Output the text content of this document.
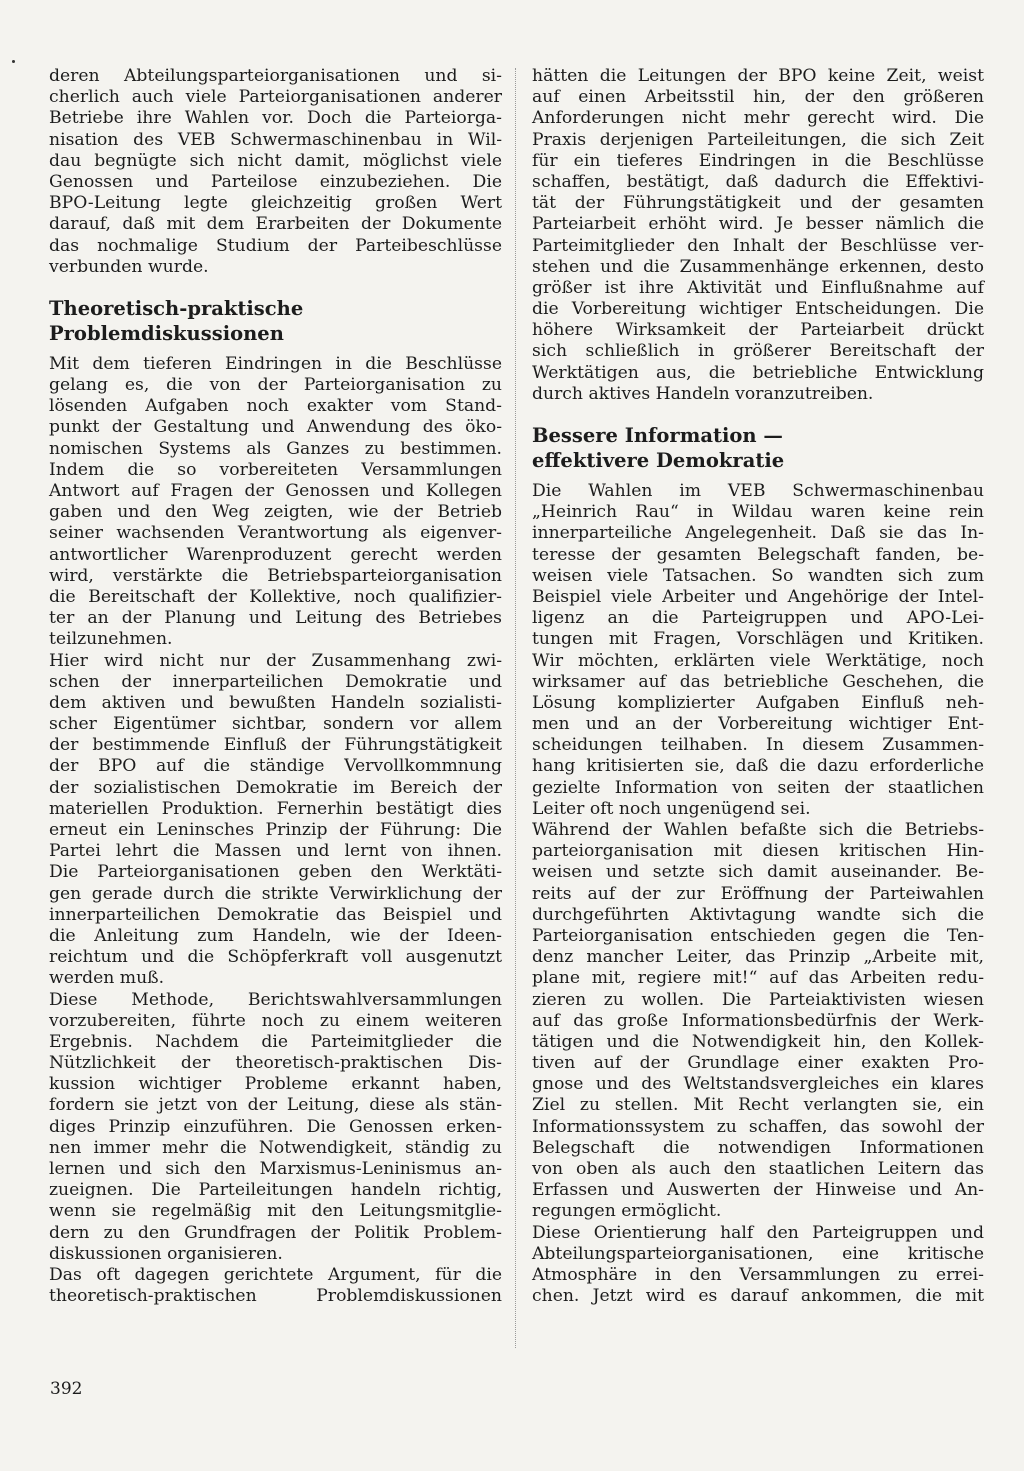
deren Abteilungsparteiorganisationen und si-
cherlich auch viele Parteiorganisationen anderer
Betriebe ihre Wahlen vor. Doch die Parteiorga-
nisation des VEB Schwermaschinenbau in Wil-
dau begnügte sich nicht damit, möglichst viele
Genossen und Parteilose einzubeziehen. Die
BPO-Leitung legte gleichzeitig großen Wert
darauf, daß mit dem Erarbeiten der Dokumente
das nochmalige Studium der Parteibeschlüsse
verbunden wurde.
Theoretisch-praktische
Problemdiskussionen
Mit dem tieferen Eindringen in die Beschlüsse
gelang es, die von der Parteiorganisation zu
lösenden Aufgaben noch exakter vom Stand-
punkt der Gestaltung und Anwendung des öko-
nomischen Systems als Ganzes zu bestimmen.
Indem die so vorbereiteten Versammlungen
Antwort auf Fragen der Genossen und Kollegen
gaben und den Weg zeigten, wie der Betrieb
seiner wachsenden Verantwortung als eigenver-
antwortlicher Warenproduzent gerecht werden
wird, verstärkte die Betriebsparteiorganisation
die Bereitschaft der Kollektive, noch qualifizier-
ter an der Planung und Leitung des Betriebes
teilzunehmen.
Hier wird nicht nur der Zusammenhang zwi-
schen der innerparteilichen Demokratie und
dem aktiven und bewußten Handeln sozialisti-
scher Eigentümer sichtbar, sondern vor allem
der bestimmende Einfluß der Führungstätigkeit
der BPO auf die ständige Vervollkommnung
der sozialistischen Demokratie im Bereich der
materiellen Produktion. Fernerhin bestätigt dies
erneut ein Leninsches Prinzip der Führung: Die
Partei lehrt die Massen und lernt von ihnen.
Die Parteiorganisationen geben den Werktäti-
gen gerade durch die strikte Verwirklichung der
innerparteilichen Demokratie das Beispiel und
die Anleitung zum Handeln, wie der Ideen-
reichtum und die Schöpferkraft voll ausgenutzt
werden muß.
Diese Methode, Berichtswahlversammlungen
vorzubereiten, führte noch zu einem weiteren
Ergebnis. Nachdem die Parteimitglieder die
Nützlichkeit der theoretisch-praktischen Dis-
kussion wichtiger Probleme erkannt haben,
fordern sie jetzt von der Leitung, diese als stän-
diges Prinzip einzuführen. Die Genossen erken-
nen immer mehr die Notwendigkeit, ständig zu
lernen und sich den Marxismus-Leninismus an-
zueignen. Die Parteileitungen handeln richtig,
wenn sie regelmäßig mit den Leitungsmitglie-
dern zu den Grundfragen der Politik Problem-
diskussionen organisieren.
Das oft dagegen gerichtete Argument, für die
theoretisch-praktischen Problemdiskussionen
hätten die Leitungen der BPO keine Zeit, weist
auf einen Arbeitsstil hin, der den größeren
Anforderungen nicht mehr gerecht wird. Die
Praxis derjenigen Parteileitungen, die sich Zeit
für ein tieferes Eindringen in die Beschlüsse
schaffen, bestätigt, daß dadurch die Effektivi-
tät der Führungstätigkeit und der gesamten
Parteiarbeit erhöht wird. Je besser nämlich die
Parteimitglieder den Inhalt der Beschlüsse ver-
stehen und die Zusammenhänge erkennen, desto
größer ist ihre Aktivität und Einflußnahme auf
die Vorbereitung wichtiger Entscheidungen. Die
höhere Wirksamkeit der Parteiarbeit drückt
sich schließlich in größerer Bereitschaft der
Werktätigen aus, die betriebliche Entwicklung
durch aktives Handeln voranzutreiben.
Bessere Information —
effektivere Demokratie
Die Wahlen im VEB Schwermaschinenbau
„Heinrich Rau“ in Wildau waren keine rein
innerparteiliche Angelegenheit. Daß sie das In-
teresse der gesamten Belegschaft fanden, be-
weisen viele Tatsachen. So wandten sich zum
Beispiel viele Arbeiter und Angehörige der Intel-
ligenz an die Parteigruppen und APO-Lei-
tungen mit Fragen, Vorschlägen und Kritiken.
Wir möchten, erklärten viele Werktätige, noch
wirksamer auf das betriebliche Geschehen, die
Lösung komplizierter Aufgaben Einfluß neh-
men und an der Vorbereitung wichtiger Ent-
scheidungen teilhaben. In diesem Zusammen-
hang kritisierten sie, daß die dazu erforderliche
gezielte Information von seiten der staatlichen
Leiter oft noch ungenügend sei.
Während der Wahlen befaßte sich die Betriebs-
parteiorganisation mit diesen kritischen Hin-
weisen und setzte sich damit auseinander. Be-
reits auf der zur Eröffnung der Parteiwahlen
durchgeführten Aktivtagung wandte sich die
Parteiorganisation entschieden gegen die Ten-
denz mancher Leiter, das Prinzip „Arbeite mit,
plane mit, regiere mit!“ auf das Arbeiten redu-
zieren zu wollen. Die Parteiaktivisten wiesen
auf das große Informationsbedürfnis der Werk-
tätigen und die Notwendigkeit hin, den Kollek-
tiven auf der Grundlage einer exakten Pro-
gnose und des Weltstandsvergleiches ein klares
Ziel zu stellen. Mit Recht verlangten sie, ein
Informationssystem zu schaffen, das sowohl der
Belegschaft die notwendigen Informationen
von oben als auch den staatlichen Leitern das
Erfassen und Auswerten der Hinweise und An-
regungen ermöglicht.
Diese Orientierung half den Parteigruppen und
Abteilungsparteiorganisationen, eine kritische
Atmosphäre in den Versammlungen zu errei-
chen. Jetzt wird es darauf ankommen, die mit
392
